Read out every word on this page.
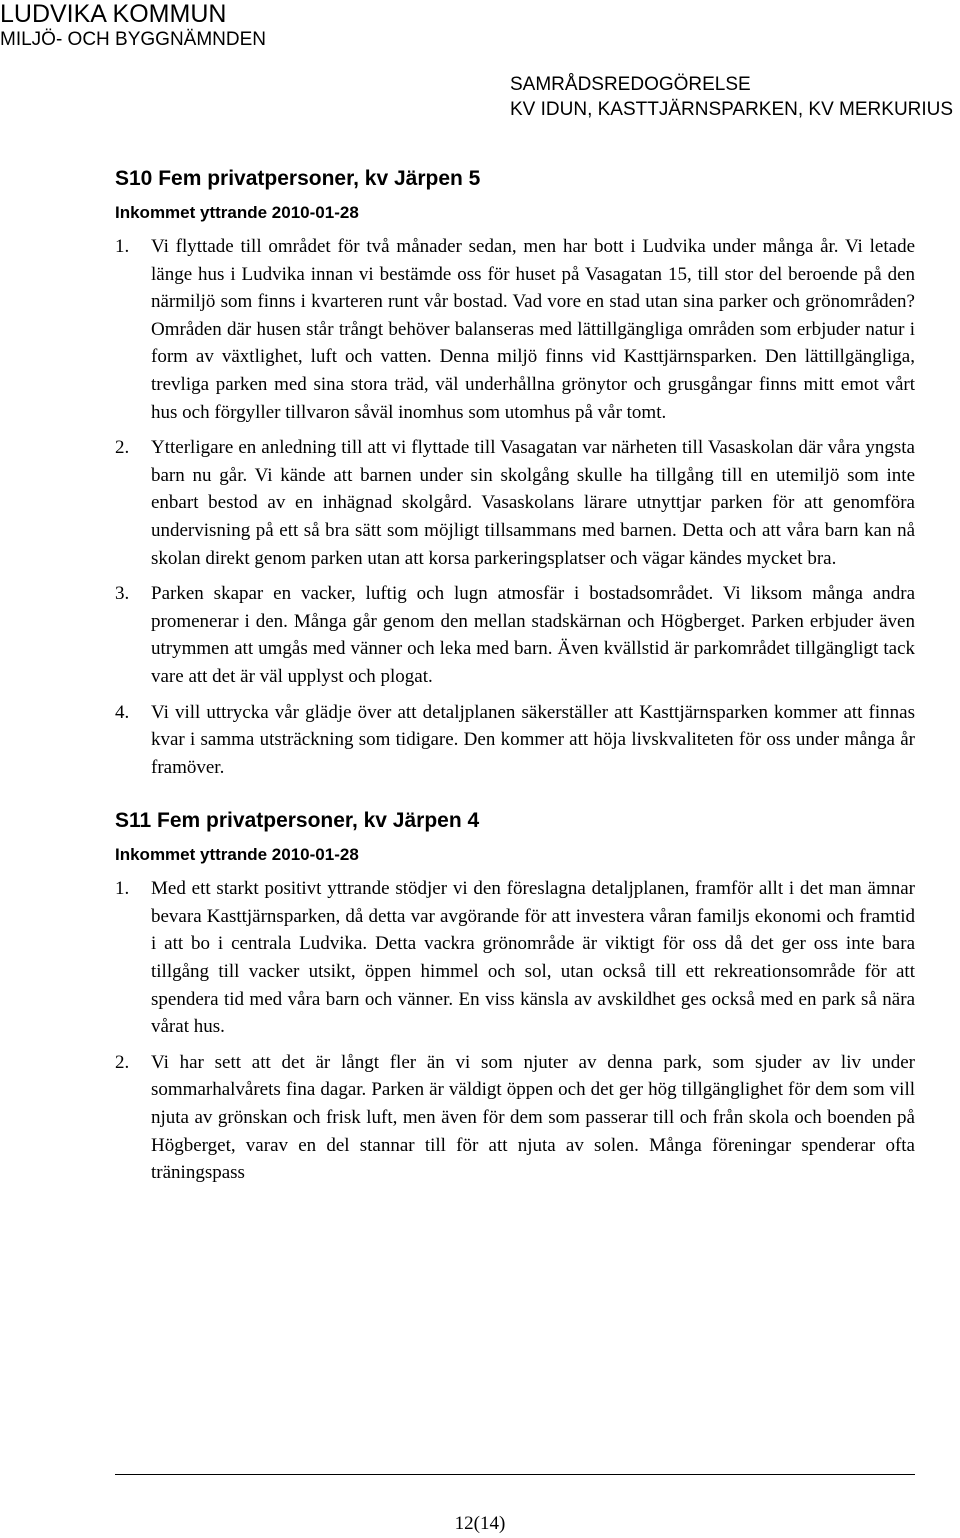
LUDVIKA KOMMUN
MILJÖ- OCH BYGGNÄMNDEN
SAMRÅDSREDOGÖRELSE
KV IDUN, KASTTJÄRNSPARKEN, KV MERKURIUS
S10 Fem privatpersoner, kv Järpen 5
Inkommet yttrande 2010-01-28
1. Vi flyttade till området för två månader sedan, men har bott i Ludvika under många år. Vi letade länge hus i Ludvika innan vi bestämde oss för huset på Vasagatan 15, till stor del beroende på den närmiljö som finns i kvarteren runt vår bostad. Vad vore en stad utan sina parker och grönområden? Områden där husen står trångt behöver balanseras med lättillgängliga områden som erbjuder natur i form av växtlighet, luft och vatten. Denna miljö finns vid Kasttjärnsparken. Den lättillgängliga, trevliga parken med sina stora träd, väl underhållna grönytor och grusgångar finns mitt emot vårt hus och förgyller tillvaron såväl inomhus som utomhus på vår tomt.
2. Ytterligare en anledning till att vi flyttade till Vasagatan var närheten till Vasaskolan där våra yngsta barn nu går. Vi kände att barnen under sin skolgång skulle ha tillgång till en utemiljö som inte enbart bestod av en inhägnad skolgård. Vasaskolans lärare utnyttjar parken för att genomföra undervisning på ett så bra sätt som möjligt tillsammans med barnen. Detta och att våra barn kan nå skolan direkt genom parken utan att korsa parkeringsplatser och vägar kändes mycket bra.
3. Parken skapar en vacker, luftig och lugn atmosfär i bostadsområdet. Vi liksom många andra promenerar i den. Många går genom den mellan stadskärnan och Högberget. Parken erbjuder även utrymmen att umgås med vänner och leka med barn. Även kvällstid är parkområdet tillgängligt tack vare att det är väl upplyst och plogat.
4. Vi vill uttrycka vår glädje över att detaljplanen säkerställer att Kasttjärnsparken kommer att finnas kvar i samma utsträckning som tidigare. Den kommer att höja livskvaliteten för oss under många år framöver.
S11 Fem privatpersoner, kv Järpen 4
Inkommet yttrande 2010-01-28
1. Med ett starkt positivt yttrande stödjer vi den föreslagna detaljplanen, framför allt i det man ämnar bevara Kasttjärnsparken, då detta var avgörande för att investera våran familjs ekonomi och framtid i att bo i centrala Ludvika. Detta vackra grönområde är viktigt för oss då det ger oss inte bara tillgång till vacker utsikt, öppen himmel och sol, utan också till ett rekreationsområde för att spendera tid med våra barn och vänner. En viss känsla av avskildhet ges också med en park så nära vårat hus.
2. Vi har sett att det är långt fler än vi som njuter av denna park, som sjuder av liv under sommarhalvårets fina dagar. Parken är väldigt öppen och det ger hög tillgänglighet för dem som vill njuta av grönskan och frisk luft, men även för dem som passerar till och från skola och boenden på Högberget, varav en del stannar till för att njuta av solen. Många föreningar spenderar ofta träningspass
12(14)
